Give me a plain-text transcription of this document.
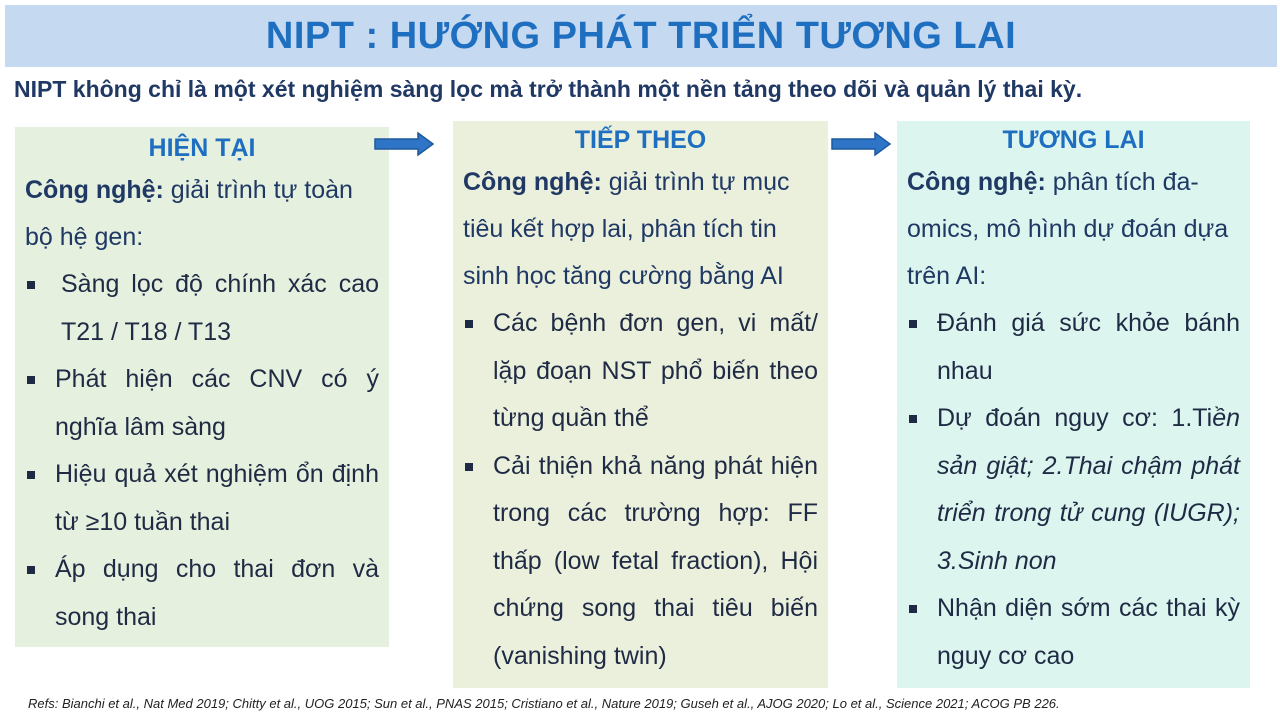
NIPT : HƯỚNG PHÁT TRIỂN TƯƠNG LAI
NIPT không chỉ là một xét nghiệm sàng lọc mà trở thành một nền tảng theo dõi và quản lý thai kỳ.
HIỆN TẠI
Công nghệ: giải trình tự toàn bộ hệ gen:
Sàng lọc độ chính xác cao T21 / T18 / T13
Phát hiện các CNV có ý nghĩa lâm sàng
Hiệu quả xét nghiệm ổn định từ ≥10 tuần thai
Áp dụng cho thai đơn và song thai
TIẾP THEO
Công nghệ: giải trình tự mục tiêu kết hợp lai, phân tích tin sinh học tăng cường bằng AI
Các bệnh đơn gen, vi mất/ lặp đoạn NST phổ biến theo từng quần thể
Cải thiện khả năng phát hiện trong các trường hợp: FF thấp (low fetal fraction), Hội chứng song thai tiêu biến (vanishing twin)
TƯƠNG LAI
Công nghệ: phân tích đa-omics, mô hình dự đoán dựa trên AI:
Đánh giá sức khỏe bánh nhau
Dự đoán nguy cơ: 1.Tiền sản giật; 2.Thai chậm phát triển trong tử cung (IUGR); 3.Sinh non
Nhận diện sớm các thai kỳ nguy cơ cao
Refs: Bianchi et al., Nat Med 2019; Chitty et al., UOG 2015; Sun et al., PNAS 2015; Cristiano et al., Nature 2019; Guseh et al., AJOG 2020; Lo et al., Science 2021; ACOG PB 226.
